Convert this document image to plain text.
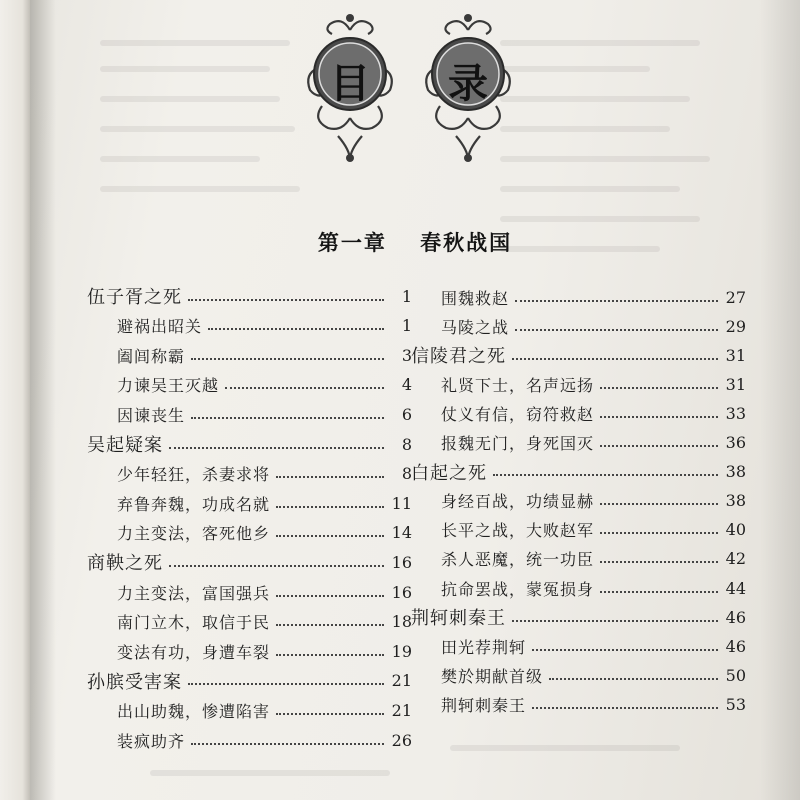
目 录
第一章 春秋战国
伍子胥之死	1
避祸出昭关	1
阖闾称霸	3
力谏吴王灭越	4
因谏丧生	6
吴起疑案	8
少年轻狂，杀妻求将	8
弃鲁奔魏，功成名就	11
力主变法，客死他乡	14
商鞅之死	16
力主变法，富国强兵	16
南门立木，取信于民	18
变法有功，身遭车裂	19
孙膑受害案	21
出山助魏，惨遭陷害	21
装疯助齐	26
围魏救赵	27
马陵之战	29
信陵君之死	31
礼贤下士，名声远扬	31
仗义有信，窃符救赵	33
报魏无门，身死国灭	36
白起之死	38
身经百战，功绩显赫	38
长平之战，大败赵军	40
杀人恶魔，统一功臣	42
抗命罢战，蒙冤损身	44
荆轲刺秦王	46
田光荐荆轲	46
樊於期献首级	50
荆轲刺秦王	53
